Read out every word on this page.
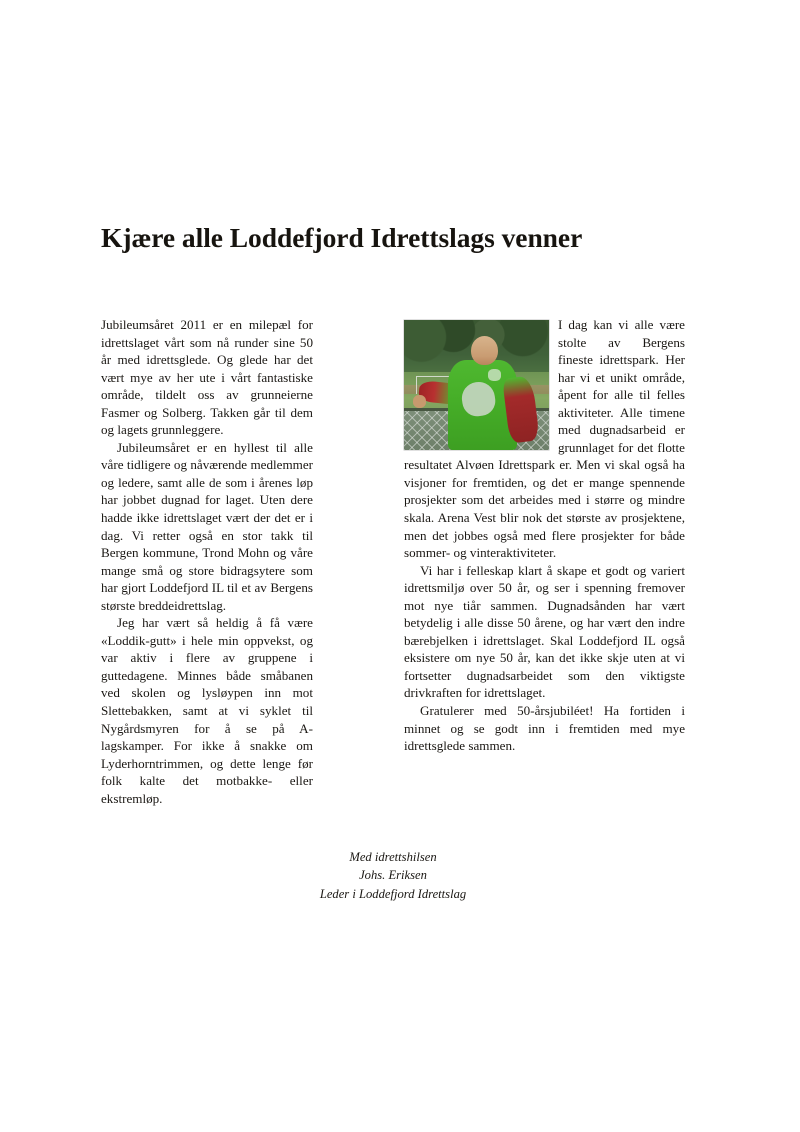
Kjære alle Loddefjord Idrettslags venner

Jubileumsåret 2011 er en milepæl for idrettslaget vårt som nå runder sine 50 år med idrettsglede. Og glede har det vært mye av her ute i vårt fantastiske område, tildelt oss av grunneierne Fasmer og Solberg. Takken går til dem og lagets grunnleggere.

Jubileumsåret er en hyllest til alle våre tidligere og nåværende medlemmer og ledere, samt alle de som i årenes løp har jobbet dugnad for laget. Uten dere hadde ikke idrettslaget vært der det er i dag. Vi retter også en stor takk til Bergen kommune, Trond Mohn og våre mange små og store bidragsytere som har gjort Loddefjord IL til et av Bergens største breddeidrettslag.

Jeg har vært så heldig å få være «Loddik-gutt» i hele min oppvekst, og var aktiv i flere av gruppene i guttedagene. Minnes både småbanen ved skolen og lysløypen inn mot Slettebakken, samt at vi syklet til Nygårdsmyren for å se på A-lagskamper. For ikke å snakke om Lyderhorntrimmen, og dette lenge før folk kalte det motbakke- eller ekstremløp.

I dag kan vi alle være stolte av Bergens fineste idrettspark. Her har vi et unikt område, åpent for alle til felles aktiviteter. Alle timene med dugnadsarbeid er grunnlaget for det flotte resultatet Alvøen Idrettspark er. Men vi skal også ha visjoner for fremtiden, og det er mange spennende prosjekter som det arbeides med i større og mindre skala. Arena Vest blir nok det største av prosjektene, men det jobbes også med flere prosjekter for både sommer- og vinteraktiviteter.

Vi har i felleskap klart å skape et godt og variert idrettsmiljø over 50 år, og ser i spenning fremover mot nye tiår sammen. Dugnadsånden har vært betydelig i alle disse 50 årene, og har vært den indre bærebjelken i idrettslaget. Skal Loddefjord IL også eksistere om nye 50 år, kan det ikke skje uten at vi fortsetter dugnadsarbeidet som den viktigste drivkraften for idrettslaget.

Gratulerer med 50-årsjubiléet! Ha fortiden i minnet og se godt inn i fremtiden med mye idrettsglede sammen.

Med idrettshilsen
Johs. Eriksen
Leder i Loddefjord Idrettslag
